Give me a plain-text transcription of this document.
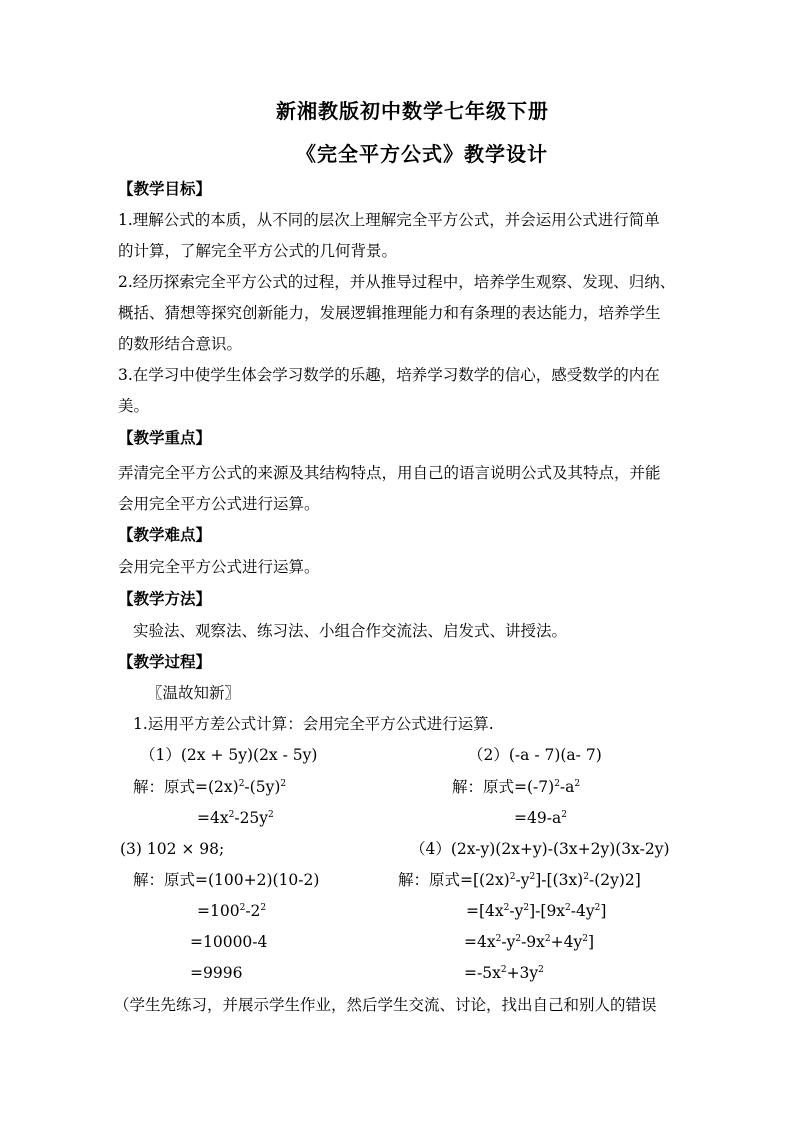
新湘教版初中数学七年级下册
《完全平方公式》教学设计
【教学目标】
1.理解公式的本质，从不同的层次上理解完全平方公式，并会运用公式进行简单
的计算，了解完全平方公式的几何背景。
2.经历探索完全平方公式的过程，并从推导过程中，培养学生观察、发现、归纳、
概括、猜想等探究创新能力，发展逻辑推理能力和有条理的表达能力，培养学生
的数形结合意识。
3.在学习中使学生体会学习数学的乐趣，培养学习数学的信心，感受数学的内在
美。
【教学重点】
弄清完全平方公式的来源及其结构特点，用自己的语言说明公式及其特点，并能
会用完全平方公式进行运算。
【教学难点】
会用完全平方公式进行运算。
【教学方法】
实验法、观察法、练习法、小组合作交流法、启发式、讲授法。
【教学过程】
〖温故知新〗
1.运用平方差公式计算：会用完全平方公式进行运算.
（1）(2x + 5y)(2x - 5y)
解：原式$=(2x)^2-(5y)^2$
$=4x^2-25y^2$
（2）(-a - 7)(a- 7)
解：原式$=(-7)^2-a^2$
$=49-a^2$
(3) 102 × 98;
解：原式=(100+2)(10-2)
$=100^2-2^2$
=10000-4
=9996
（4）(2x-y)(2x+y)-(3x+2y)(3x-2y)
解：原式$=[(2x)^2-y^2]-[(3x)^2-(2y)2]$
$=[4x^2-y^2]-[9x^2-4y^2]$
$=4x^2-y^2-9x^2+4y^2$]
$=-5x^2+3y^2$
（学生先练习，并展示学生作业，然后学生交流、讨论，找出自己和别人的错误
